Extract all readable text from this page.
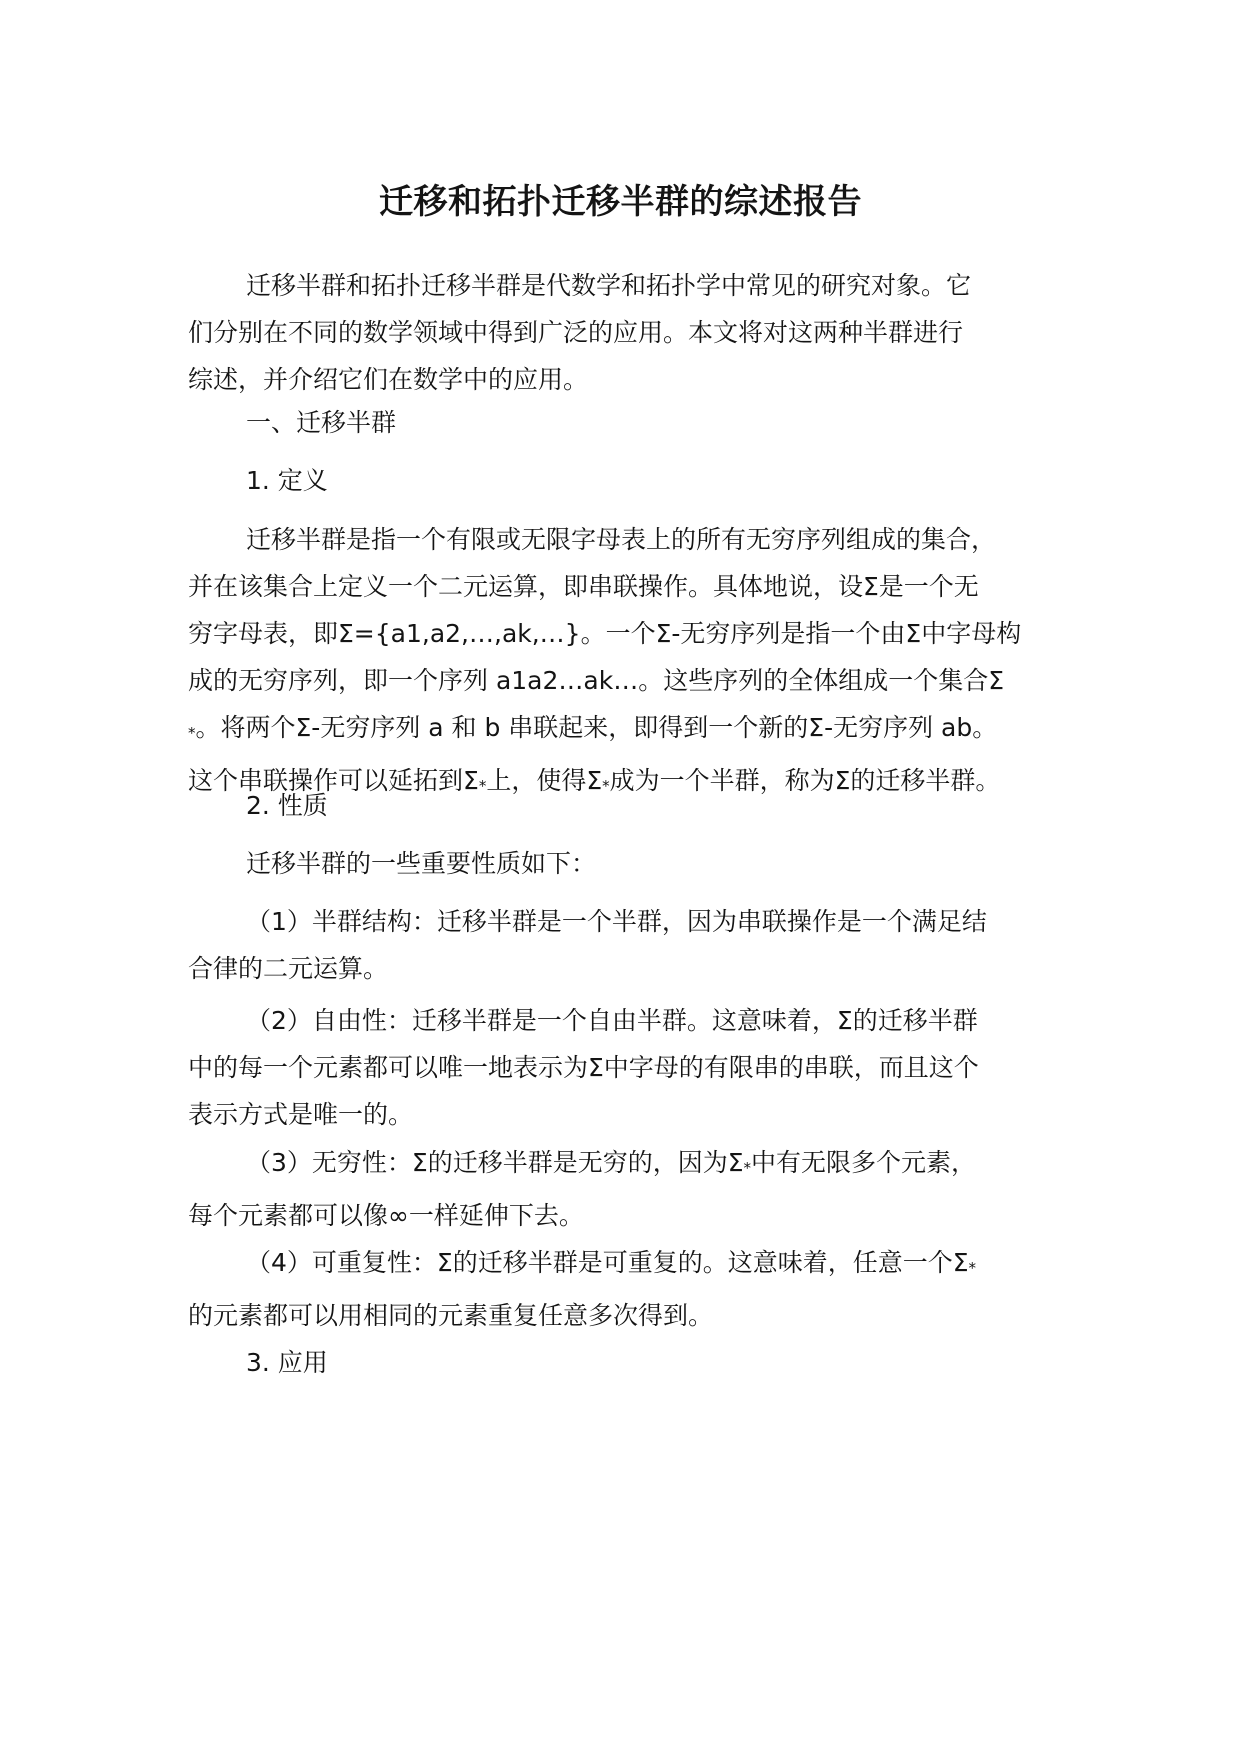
迁移和拓扑迁移半群的综述报告
迁移半群和拓扑迁移半群是代数学和拓扑学中常见的研究对象。它
们分别在不同的数学领域中得到广泛的应用。本文将对这两种半群进行
综述，并介绍它们在数学中的应用。
一、迁移半群
1. 定义
迁移半群是指一个有限或无限字母表上的所有无穷序列组成的集合，
并在该集合上定义一个二元运算，即串联操作。具体地说，设Σ是一个无
穷字母表，即Σ={a1,a2,…,ak,…}。一个Σ-无穷序列是指一个由Σ中字母构
成的无穷序列，即一个序列 a1a2…ak…。这些序列的全体组成一个集合Σ
*。将两个Σ-无穷序列 a 和 b 串联起来，即得到一个新的Σ-无穷序列 ab。
这个串联操作可以延拓到Σ*上，使得Σ*成为一个半群，称为Σ的迁移半群。
2. 性质
迁移半群的一些重要性质如下：
（1）半群结构：迁移半群是一个半群，因为串联操作是一个满足结
合律的二元运算。
（2）自由性：迁移半群是一个自由半群。这意味着，Σ的迁移半群
中的每一个元素都可以唯一地表示为Σ中字母的有限串的串联，而且这个
表示方式是唯一的。
（3）无穷性：Σ的迁移半群是无穷的，因为Σ*中有无限多个元素，
每个元素都可以像∞一样延伸下去。
（4）可重复性：Σ的迁移半群是可重复的。这意味着，任意一个Σ*
的元素都可以用相同的元素重复任意多次得到。
3. 应用
